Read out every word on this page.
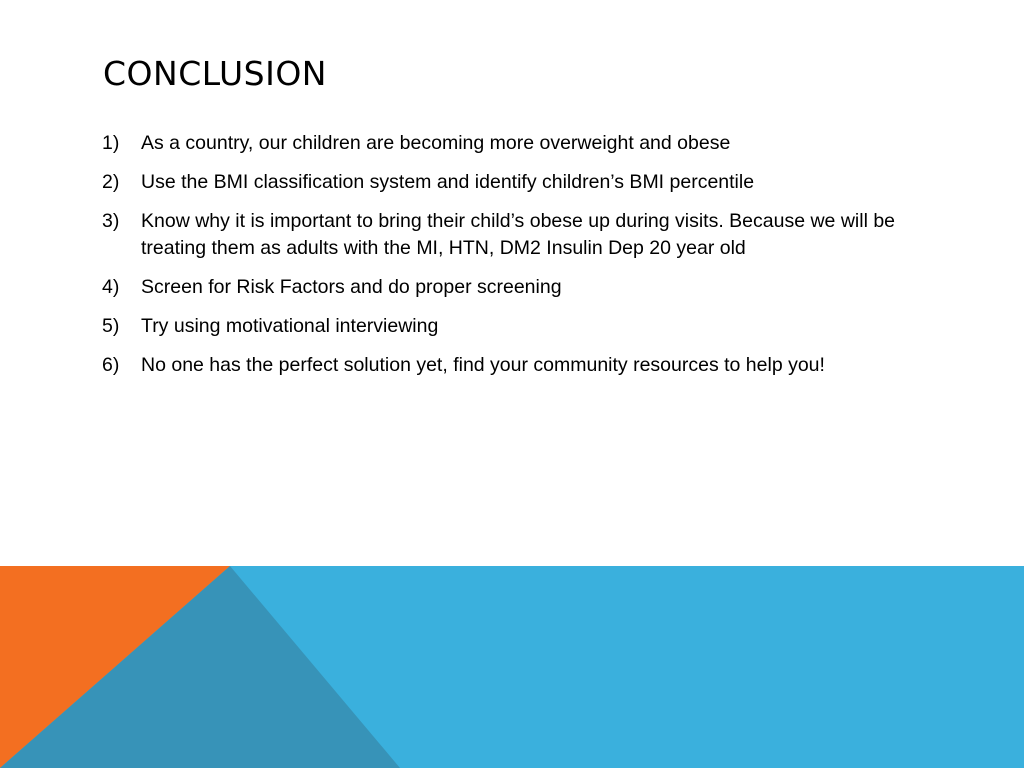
CONCLUSION
1) As a country, our children are becoming more overweight and obese
2) Use the BMI classification system and identify children’s BMI percentile
3) Know why it is important to bring their child’s obese up during visits. Because we will be treating them as adults with the MI, HTN, DM2 Insulin Dep 20 year old
4) Screen for Risk Factors and do proper screening
5) Try using motivational interviewing
6) No one has the perfect solution yet, find your community resources to help you!
